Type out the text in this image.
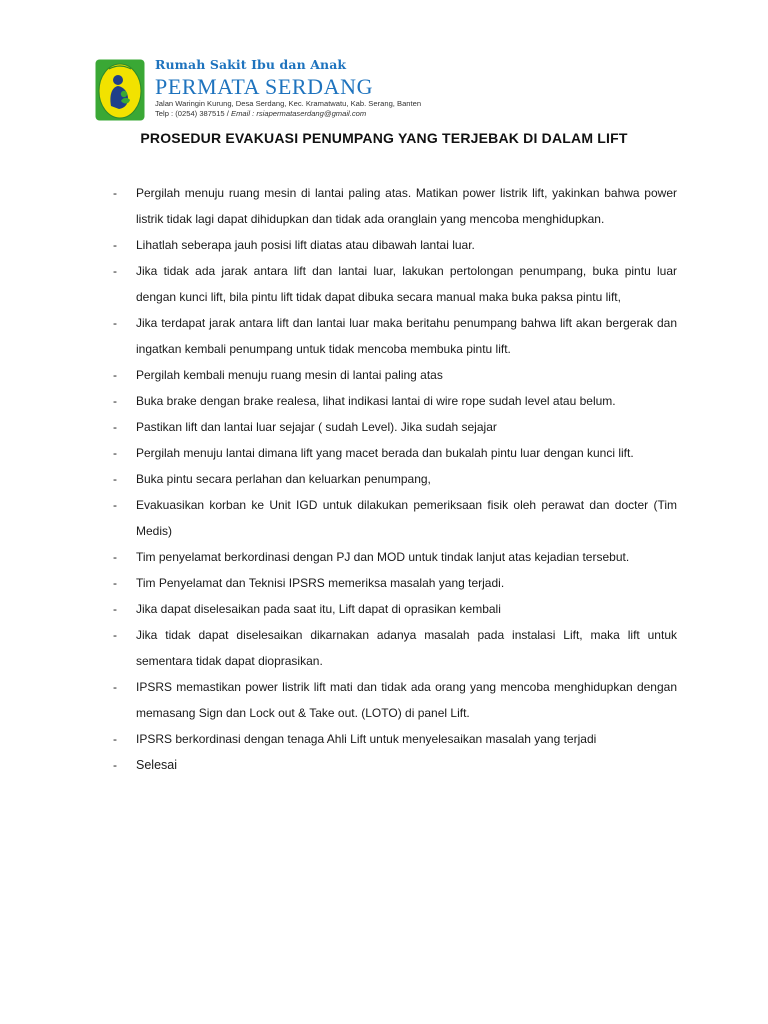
Rumah Sakit Ibu dan Anak
PERMATA SERDANG
Jalan Waringin Kurung, Desa Serdang, Kec. Kramatwatu, Kab. Serang, Banten
Telp : (0254) 387515 / Email : rsiapermataserdang@gmail.com
PROSEDUR EVAKUASI PENUMPANG YANG TERJEBAK DI DALAM LIFT
-	Pergilah menuju ruang mesin di lantai paling atas. Matikan power listrik lift, yakinkan bahwa power listrik tidak lagi dapat dihidupkan dan tidak ada oranglain yang mencoba menghidupkan.
-	Lihatlah seberapa jauh posisi lift diatas atau dibawah lantai luar.
-	Jika tidak ada jarak antara lift dan lantai luar, lakukan pertolongan penumpang, buka pintu luar dengan kunci lift, bila pintu lift tidak dapat dibuka secara manual maka buka paksa pintu lift,
-	Jika terdapat jarak antara lift dan lantai luar maka beritahu penumpang bahwa lift akan bergerak dan ingatkan kembali penumpang untuk tidak mencoba membuka pintu lift.
-	Pergilah kembali menuju ruang mesin di lantai paling atas
-	Buka brake dengan brake realesa, lihat indikasi lantai di wire rope sudah level atau belum.
-	Pastikan lift dan lantai luar sejajar ( sudah Level). Jika sudah sejajar
-	Pergilah menuju lantai dimana lift yang macet berada dan bukalah pintu luar dengan kunci lift.
-	Buka pintu secara perlahan dan keluarkan penumpang,
-	Evakuasikan korban ke Unit IGD untuk dilakukan pemeriksaan fisik oleh perawat dan docter (Tim Medis)
-	Tim penyelamat berkordinasi dengan PJ dan MOD untuk tindak lanjut atas kejadian tersebut.
-	Tim Penyelamat dan Teknisi IPSRS memeriksa masalah yang terjadi.
-	Jika dapat diselesaikan pada saat itu, Lift dapat di oprasikan kembali
-	Jika tidak dapat diselesaikan dikarnakan adanya masalah pada instalasi Lift, maka lift untuk sementara tidak dapat dioprasikan.
-	IPSRS memastikan power listrik lift mati dan tidak ada orang yang mencoba menghidupkan dengan memasang Sign dan Lock out & Take out. (LOTO) di panel Lift.
-	IPSRS berkordinasi dengan tenaga Ahli Lift untuk menyelesaikan masalah yang terjadi
-	Selesai
